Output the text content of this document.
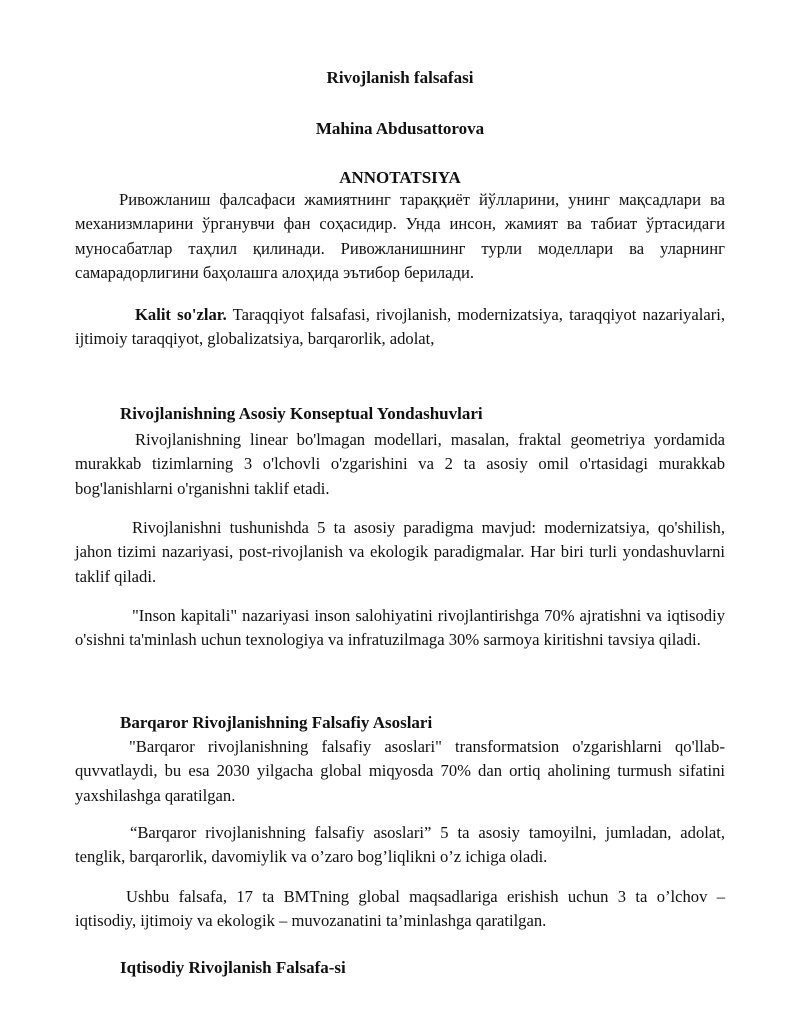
Rivojlanish falsafasi
Mahina Abdusattorova
ANNOTATSIYA
Ривожланиш фалсафаси жамиятнинг тараққиёт йўлларини, унинг мақсадлари ва механизмларини ўрганувчи фан соҳасидир. Унда инсон, жамият ва табиат ўртасидаги муносабатлар таҳлил қилинади. Ривожланишнинг турли моделлари ва уларнинг самарадорлигини баҳолашга алоҳида эътибор берилади.
Kalit so'zlar. Taraqqiyot falsafasi, rivojlanish, modernizatsiya, taraqqiyot nazariyalari, ijtimoiy taraqqiyot, globalizatsiya, barqarorlik, adolat,
Rivojlanishning Asosiy Konseptual Yondashuvlari
Rivojlanishning linear bo'lmagan modellari, masalan, fraktal geometriya yordamida murakkab tizimlarning 3 o'lchovli o'zgarishini va 2 ta asosiy omil o'rtasidagi murakkab bog'lanishlarni o'rganishni taklif etadi.
Rivojlanishni tushunishda 5 ta asosiy paradigma mavjud: modernizatsiya, qo'shilish, jahon tizimi nazariyasi, post-rivojlanish va ekologik paradigmalar. Har biri turli yondashuvlarni taklif qiladi.
"Inson kapitali" nazariyasi inson salohiyatini rivojlantirishga 70% ajratishni va iqtisodiy o'sishni ta'minlash uchun texnologiya va infratuzilmaga 30% sarmoya kiritishni tavsiya qiladi.
Barqaror Rivojlanishning Falsafiy Asoslari
"Barqaror rivojlanishning falsafiy asoslari" transformatsion o'zgarishlarni qo'llab-quvvatlaydi, bu esa 2030 yilgacha global miqyosda 70% dan ortiq aholining turmush sifatini yaxshilashga qaratilgan.
“Barqaror rivojlanishning falsafiy asoslari” 5 ta asosiy tamoyilni, jumladan, adolat, tenglik, barqarorlik, davomiylik va o’zaro bog’liqlikni o’z ichiga oladi.
Ushbu falsafa, 17 ta BMTning global maqsadlariga erishish uchun 3 ta o’lchov – iqtisodiy, ijtimoiy va ekologik – muvozanatini ta’minlashga qaratilgan.
Iqtisodiy Rivojlanish Falsafa-si
